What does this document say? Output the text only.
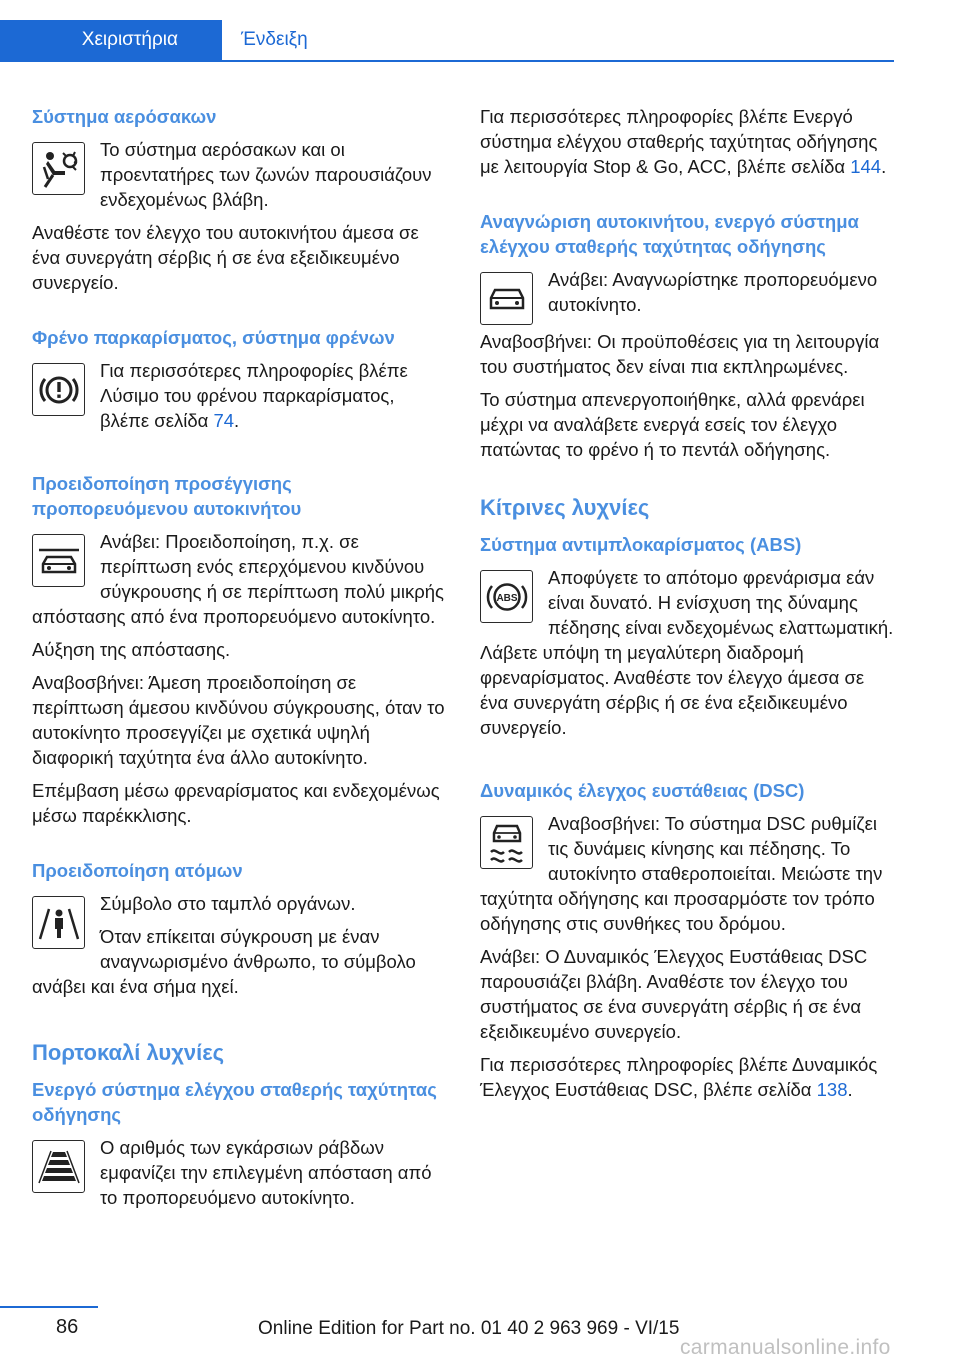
Χειριστήρια	Ένδειξη
Σύστημα αερόσακων

Το σύστημα αερόσακων και οι προεντατήρες των ζωνών παρουσιάζουν ενδεχομένως βλάβη.

Αναθέστε τον έλεγχο του αυτοκινήτου άμεσα σε ένα συνεργάτη σέρβις ή σε ένα εξειδικευμένο συνεργείο.

Φρένο παρκαρίσματος, σύστημα φρένων

Για περισσότερες πληροφορίες βλέπε Λύσιμο του φρένου παρκαρίσματος, βλέπε σελίδα 74.

Προειδοποίηση προσέγγισης προπορευόμενου αυτοκινήτου

Ανάβει: Προειδοποίηση, π.χ. σε περίπτωση ενός επερχόμενου κινδύνου σύγκρουσης ή σε περίπτωση πολύ μικρής απόστασης από ένα προπορευόμενο αυτοκίνητο.

Αύξηση της απόστασης.

Αναβοσβήνει: Άμεση προειδοποίηση σε περίπτωση άμεσου κινδύνου σύγκρουσης, όταν το αυτοκίνητο προσεγγίζει με σχετικά υψηλή διαφορική ταχύτητα ένα άλλο αυτοκίνητο.

Επέμβαση μέσω φρεναρίσματος και ενδεχομένως μέσω παρέκκλισης.

Προειδοποίηση ατόμων

Σύμβολο στο ταμπλό οργάνων.

Όταν επίκειται σύγκρουση με έναν αναγνωρισμένο άνθρωπο, το σύμβολο ανάβει και ένα σήμα ηχεί.

Πορτοκαλί λυχνίες
Ενεργό σύστημα ελέγχου σταθερής ταχύτητας οδήγησης

Ο αριθμός των εγκάρσιων ράβδων εμφανίζει την επιλεγμένη απόσταση από το προπορευόμενο αυτοκίνητο.

Για περισσότερες πληροφορίες βλέπε Ενεργό σύστημα ελέγχου σταθερής ταχύτητας οδήγησης με λειτουργία Stop & Go, ACC, βλέπε σελίδα 144.

Αναγνώριση αυτοκινήτου, ενεργό σύστημα ελέγχου σταθερής ταχύτητας οδήγησης

Ανάβει: Αναγνωρίστηκε προπορευόμενο αυτοκίνητο.

Αναβοσβήνει: Οι προϋποθέσεις για τη λειτουργία του συστήματος δεν είναι πια εκπληρωμένες.

Το σύστημα απενεργοποιήθηκε, αλλά φρενάρει μέχρι να αναλάβετε ενεργά εσείς τον έλεγχο πατώντας το φρένο ή το πεντάλ οδήγησης.

Κίτρινες λυχνίες
Σύστημα αντιμπλοκαρίσματος (ABS)
ABS

Αποφύγετε το απότομο φρενάρισμα εάν είναι δυνατό. Η ενίσχυση της δύναμης πέδησης είναι ενδεχομένως ελαττωματική. Λάβετε υπόψη τη μεγαλύτερη διαδρομή φρεναρίσματος. Αναθέστε τον έλεγχο άμεσα σε ένα συνεργάτη σέρβις ή σε ένα εξειδικευμένο συνεργείο.

Δυναμικός έλεγχος ευστάθειας (DSC)

Αναβοσβήνει: Το σύστημα DSC ρυθμίζει τις δυνάμεις κίνησης και πέδησης. Το αυτοκίνητο σταθεροποιείται. Μειώστε την ταχύτητα οδήγησης και προσαρμόστε τον τρόπο οδήγησης στις συνθήκες του δρόμου.

Ανάβει: Ο Δυναμικός Έλεγχος Ευστάθειας DSC παρουσιάζει βλάβη. Αναθέστε τον έλεγχο του συστήματος σε ένα συνεργάτη σέρβις ή σε ένα εξειδικευμένο συνεργείο.

Για περισσότερες πληροφορίες βλέπε Δυναμικός Έλεγχος Ευστάθειας DSC, βλέπε σελίδα 138.

86	Online Edition for Part no. 01 40 2 963 969 - VI/15
carmanualsonline.info
